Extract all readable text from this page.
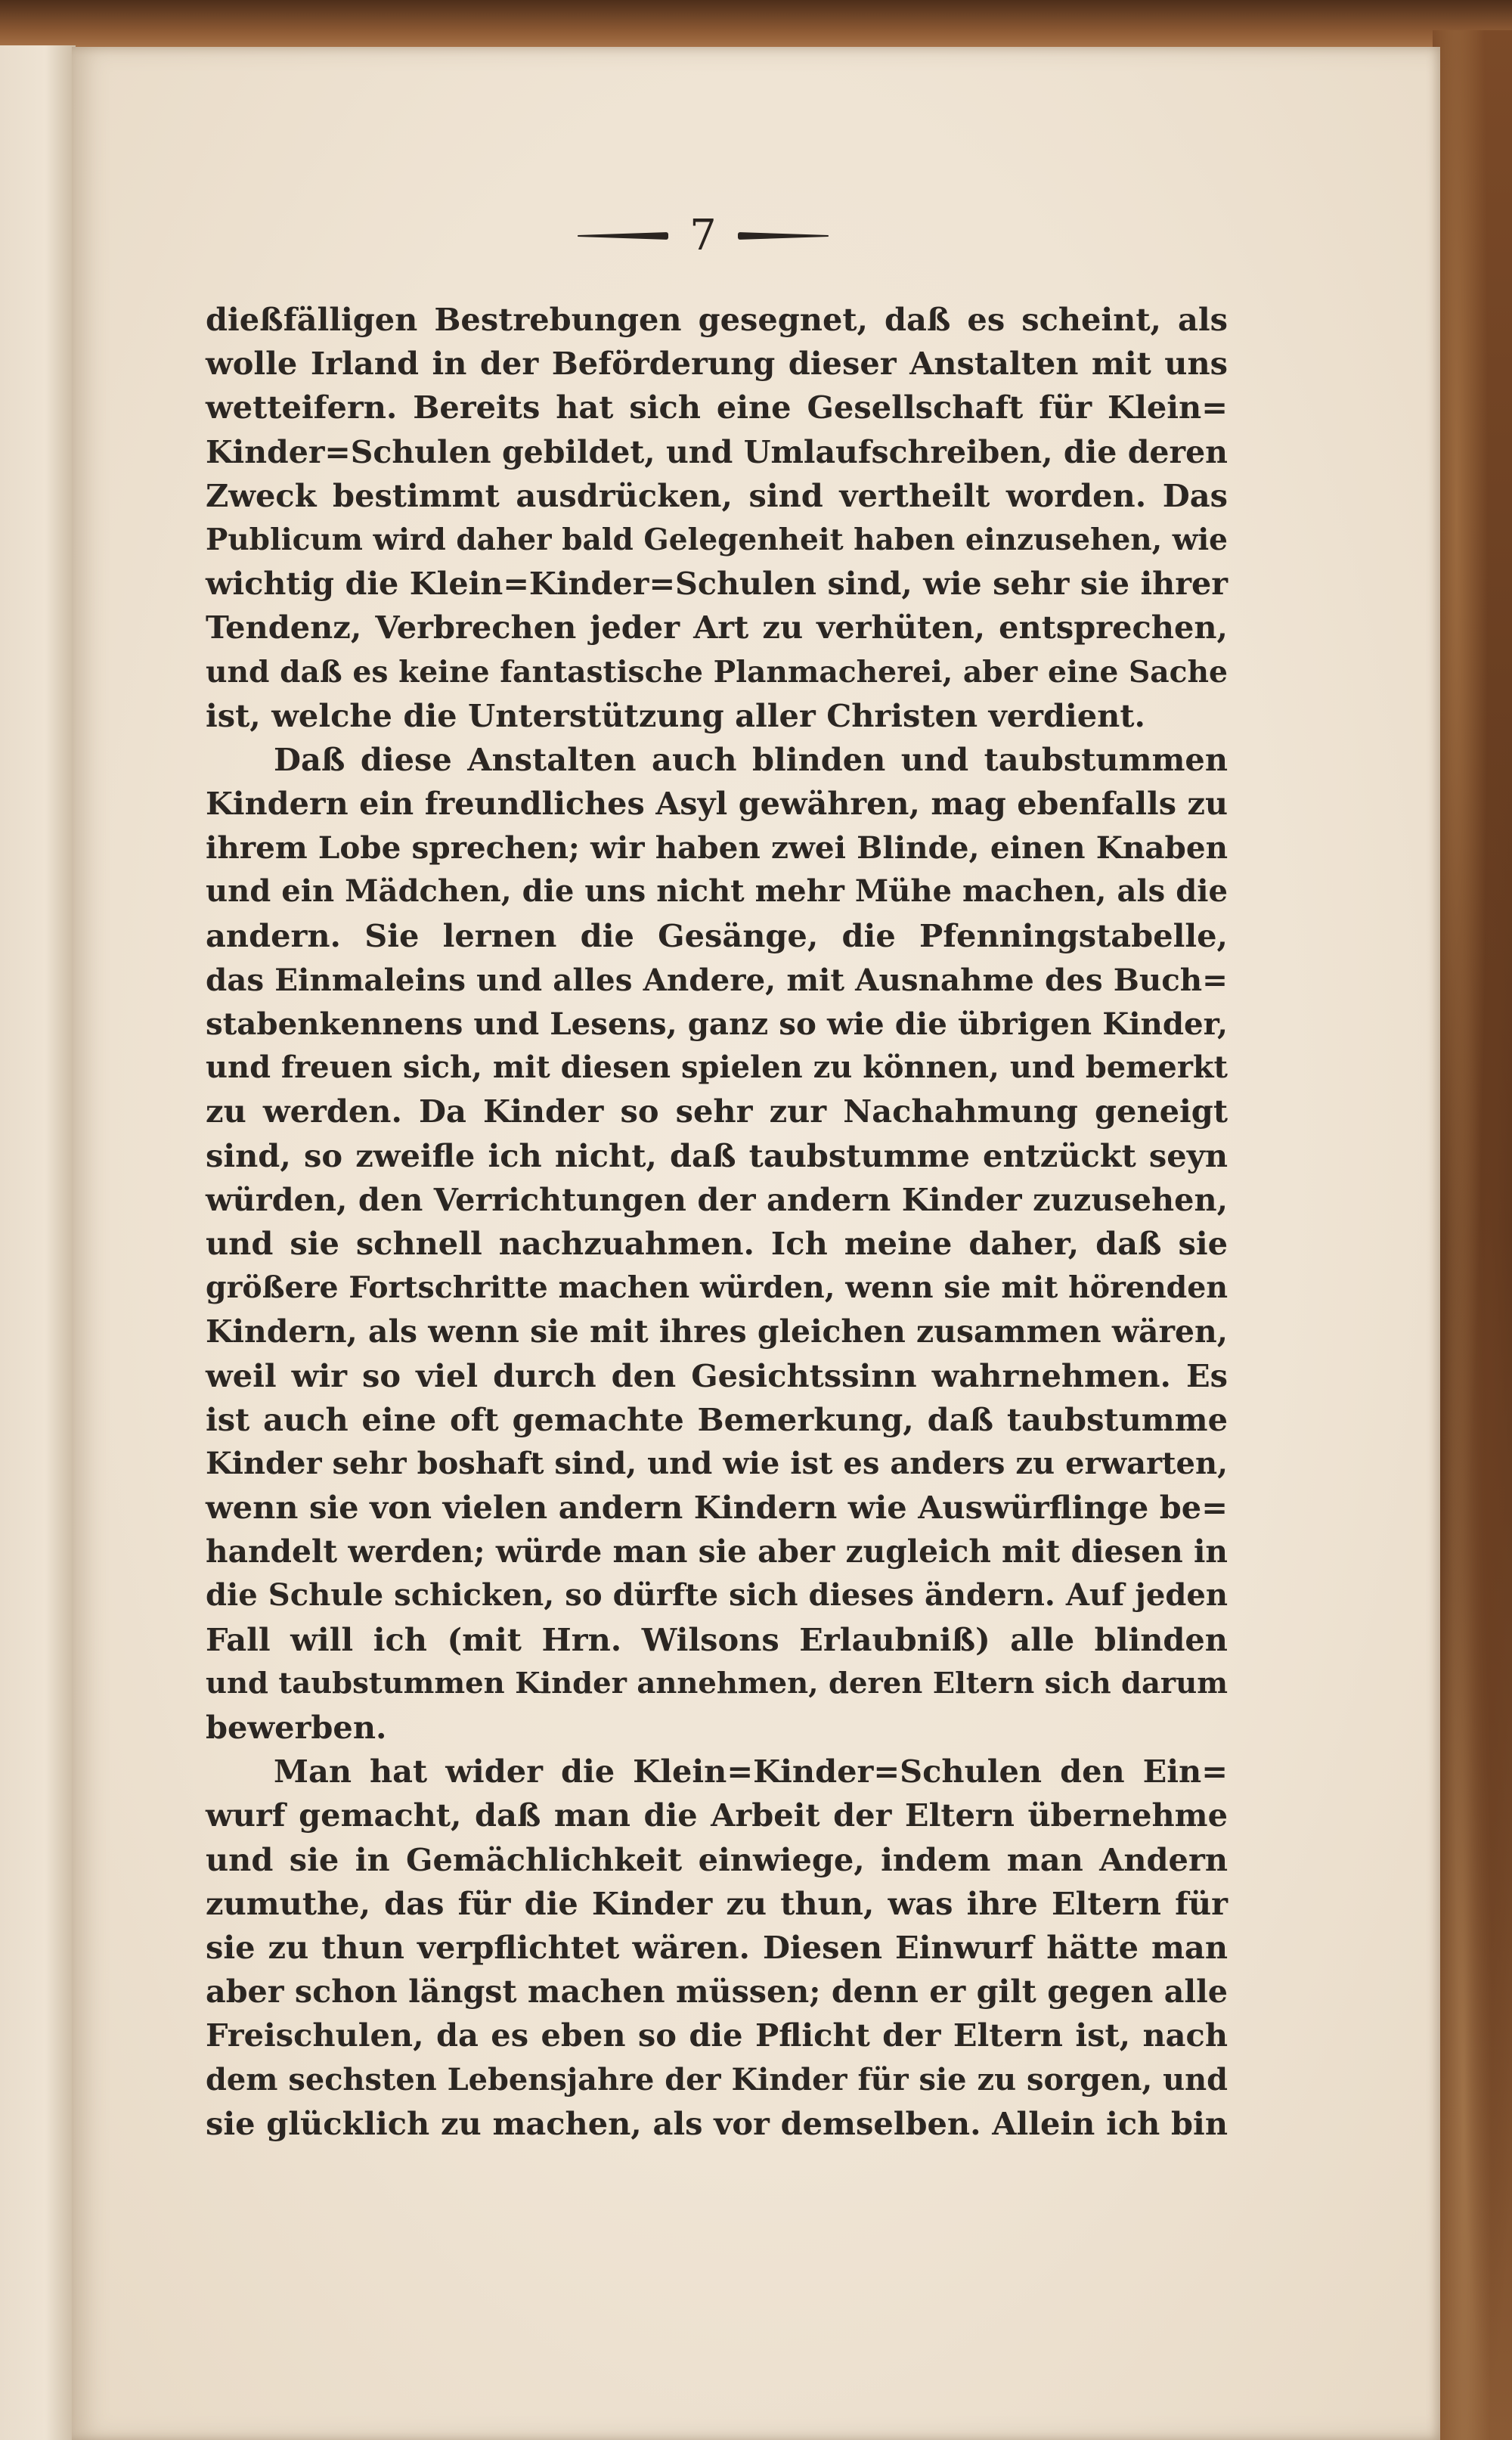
7
dießfälligen Bestrebungen gesegnet, daß es scheint, als
wolle Irland in der Beförderung dieser Anstalten mit uns
wetteifern. Bereits hat sich eine Gesellschaft für Klein=
Kinder=Schulen gebildet, und Umlaufschreiben, die deren
Zweck bestimmt ausdrücken, sind vertheilt worden. Das
Publicum wird daher bald Gelegenheit haben einzusehen, wie
wichtig die Klein=Kinder=Schulen sind, wie sehr sie ihrer
Tendenz, Verbrechen jeder Art zu verhüten, entsprechen,
und daß es keine fantastische Planmacherei, aber eine Sache
ist, welche die Unterstützung aller Christen verdient.
Daß diese Anstalten auch blinden und taubstummen
Kindern ein freundliches Asyl gewähren, mag ebenfalls zu
ihrem Lobe sprechen; wir haben zwei Blinde, einen Knaben
und ein Mädchen, die uns nicht mehr Mühe machen, als die
andern. Sie lernen die Gesänge, die Pfenningstabelle,
das Einmaleins und alles Andere, mit Ausnahme des Buch=
stabenkennens und Lesens, ganz so wie die übrigen Kinder,
und freuen sich, mit diesen spielen zu können, und bemerkt
zu werden. Da Kinder so sehr zur Nachahmung geneigt
sind, so zweifle ich nicht, daß taubstumme entzückt seyn
würden, den Verrichtungen der andern Kinder zuzusehen,
und sie schnell nachzuahmen. Ich meine daher, daß sie
größere Fortschritte machen würden, wenn sie mit hörenden
Kindern, als wenn sie mit ihres gleichen zusammen wären,
weil wir so viel durch den Gesichtssinn wahrnehmen. Es
ist auch eine oft gemachte Bemerkung, daß taubstumme
Kinder sehr boshaft sind, und wie ist es anders zu erwarten,
wenn sie von vielen andern Kindern wie Auswürflinge be=
handelt werden; würde man sie aber zugleich mit diesen in
die Schule schicken, so dürfte sich dieses ändern. Auf jeden
Fall will ich (mit Hrn. Wilsons Erlaubniß) alle blinden
und taubstummen Kinder annehmen, deren Eltern sich darum
bewerben.
Man hat wider die Klein=Kinder=Schulen den Ein=
wurf gemacht, daß man die Arbeit der Eltern übernehme
und sie in Gemächlichkeit einwiege, indem man Andern
zumuthe, das für die Kinder zu thun, was ihre Eltern für
sie zu thun verpflichtet wären. Diesen Einwurf hätte man
aber schon längst machen müssen; denn er gilt gegen alle
Freischulen, da es eben so die Pflicht der Eltern ist, nach
dem sechsten Lebensjahre der Kinder für sie zu sorgen, und
sie glücklich zu machen, als vor demselben. Allein ich bin
